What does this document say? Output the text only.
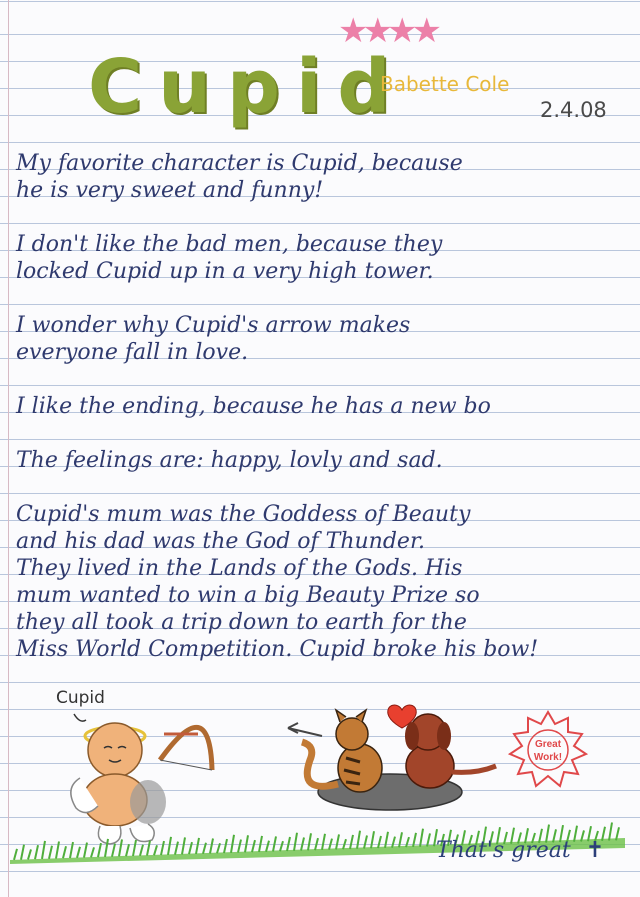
★★★★
Cupid
Babette Cole
2.4.08

My favorite character is Cupid, because

he is very sweet and funny!

I don't like the bad men, because they

locked Cupid up in a very high tower.

I wonder why Cupid's arrow makes

everyone fall in love.

I like the ending, because he has a new bo

The feelings are: happy, lovly and sad.

Cupid's mum was the Goddess of Beauty

and his dad was the God of Thunder.

They lived in the Lands of the Gods. His

mum wanted to win a big Beauty Prize so

they all took a trip down to earth for the

Miss World Competition. Cupid broke his bow!

Cupid
Great
Work!
That's great ✝
